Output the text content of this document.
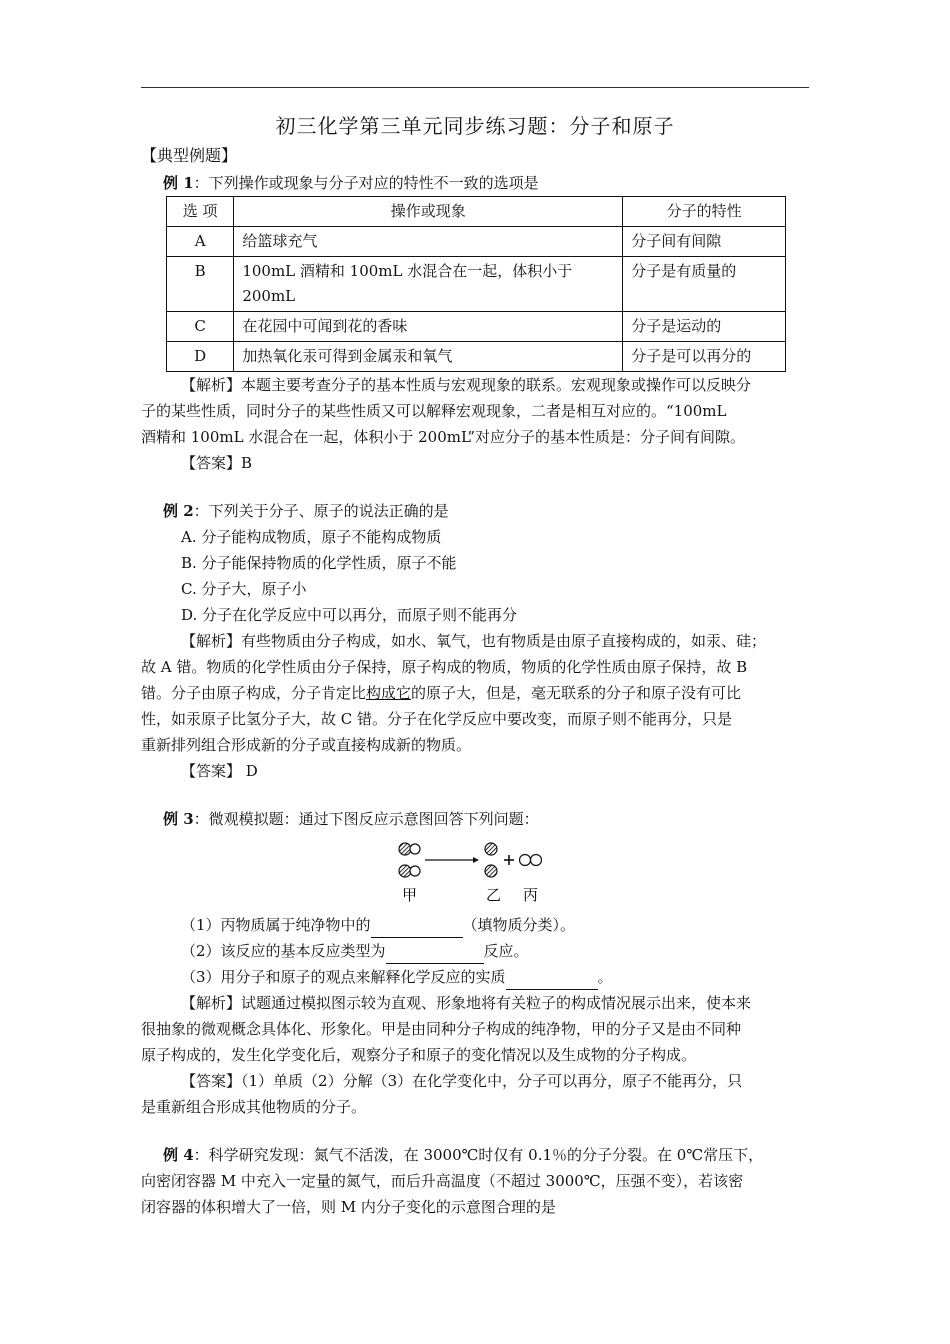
初三化学第三单元同步练习题：分子和原子
【典型例题】

例 1：下列操作或现象与分子对应的特性不一致的选项是

选 项	操作或现象	分子的特性
A	给篮球充气	分子间有间隙
B	100mL 酒精和 100mL 水混合在一起，体积小于 200mL	分子是有质量的
C	在花园中可闻到花的香味	分子是运动的
D	加热氧化汞可得到金属汞和氧气	分子是可以再分的

【解析】本题主要考查分子的基本性质与宏观现象的联系。宏观现象或操作可以反映分

子的某些性质，同时分子的某些性质又可以解释宏观现象，二者是相互对应的。“100mL

酒精和 100mL 水混合在一起，体积小于 200mL”对应分子的基本性质是：分子间有间隙。

【答案】B

例 2：下列关于分子、原子的说法正确的是

A. 分子能构成物质，原子不能构成物质

B. 分子能保持物质的化学性质，原子不能

C. 分子大，原子小

D. 分子在化学反应中可以再分，而原子则不能再分

【解析】有些物质由分子构成，如水、氧气，也有物质是由原子直接构成的，如汞、硅；

故 A 错。物质的化学性质由分子保持，原子构成的物质，物质的化学性质由原子保持，故 B

错。分子由原子构成，分子肯定比构成它的原子大，但是，毫无联系的分子和原子没有可比

性，如汞原子比氢分子大，故 C 错。分子在化学反应中要改变，而原子则不能再分，只是

重新排列组合形成新的分子或直接构成新的物质。

【答案】 D

例 3：微观模拟题：通过下图反应示意图回答下列问题：

甲	乙 丙

（1）丙物质属于纯净物中的	（填物质分类）。

（2）该反应的基本反应类型为	反应。

（3）用分子和原子的观点来解释化学反应的实质	。

【解析】试题通过模拟图示较为直观、形象地将有关粒子的构成情况展示出来，使本来

很抽象的微观概念具体化、形象化。甲是由同种分子构成的纯净物，甲的分子又是由不同种

原子构成的，发生化学变化后，观察分子和原子的变化情况以及生成物的分子构成。

【答案】（1）单质（2）分解（3）在化学变化中，分子可以再分，原子不能再分，只

是重新组合形成其他物质的分子。

例 4：科学研究发现：氮气不活泼，在 3000℃时仅有 0.1％的分子分裂。在 0℃常压下，

向密闭容器 M 中充入一定量的氮气，而后升高温度（不超过 3000℃，压强不变），若该密

闭容器的体积增大了一倍，则 M 内分子变化的示意图合理的是
